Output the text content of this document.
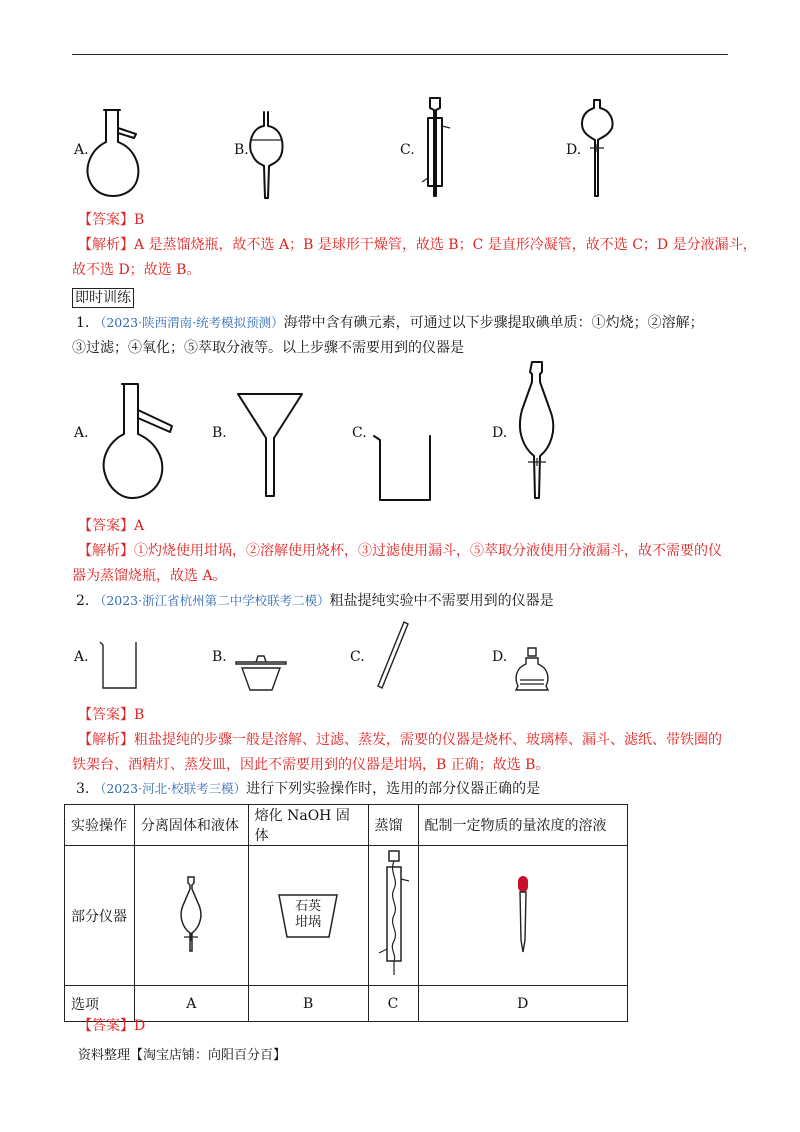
A.	B.	C.	D.
【答案】B
【解析】A 是蒸馏烧瓶，故不选 A；B 是球形干燥管，故选 B；C 是直形冷凝管，故不选 C；D 是分液漏斗，
故不选 D；故选 B。
即时训练
1. （2023·陕西渭南·统考模拟预测）海带中含有碘元素，可通过以下步骤提取碘单质：①灼烧；②溶解；
③过滤；④氧化；⑤萃取分液等。以上步骤不需要用到的仪器是
A.	B.	C.	D.
【答案】A
【解析】①灼烧使用坩埚，②溶解使用烧杯，③过滤使用漏斗，⑤萃取分液使用分液漏斗，故不需要的仪
器为蒸馏烧瓶，故选 A。
2. （2023·浙江省杭州第二中学校联考二模）粗盐提纯实验中不需要用到的仪器是
A.	B.	C.	D.
【答案】B
【解析】粗盐提纯的步骤一般是溶解、过滤、蒸发，需要的仪器是烧杯、玻璃棒、漏斗、滤纸、带铁圈的
铁架台、酒精灯、蒸发皿，因此不需要用到的仪器是坩埚，B 正确；故选 B。
3. （2023·河北·校联考三模）进行下列实验操作时，选用的部分仪器正确的是
实验操作	分离固体和液体	熔化 NaOH 固体	蒸馏	配制一定物质的量浓度的溶液
部分仪器		石英
坩埚

选项	A	B	C	D
【答案】D
资料整理【淘宝店铺：向阳百分百】
